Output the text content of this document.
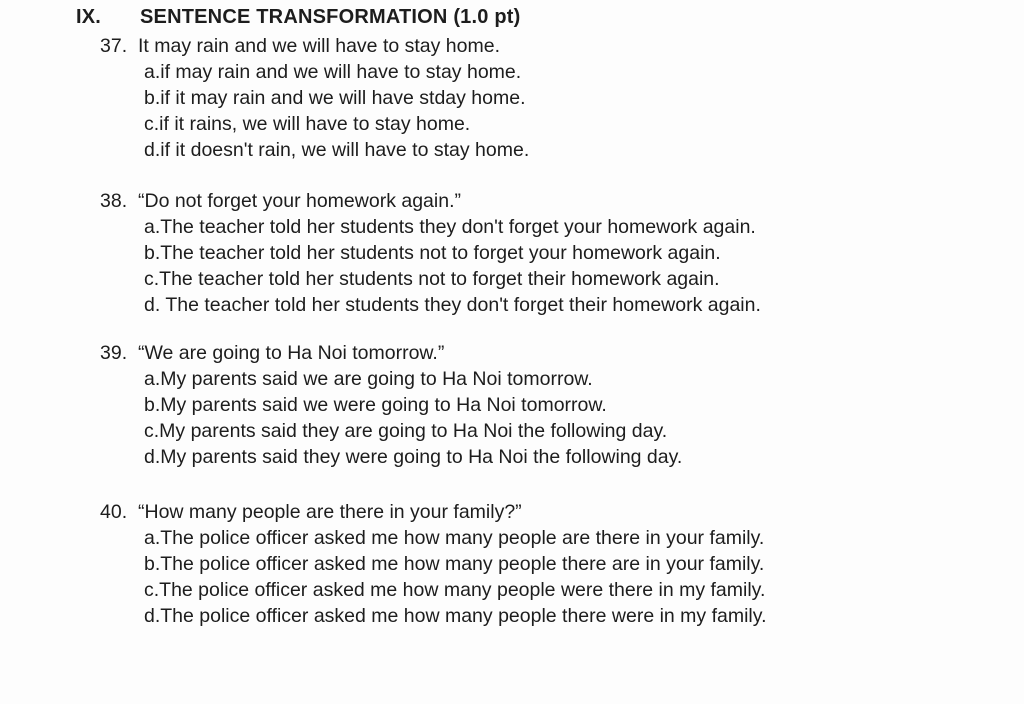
IX. SENTENCE TRANSFORMATION (1.0 pt)
37. It may rain and we will have to stay home.
a.if may rain and we will have to stay home.
b.if it may rain and we will have stday home.
c.if it rains, we will have to stay home.
d.if it doesn't rain, we will have to stay home.
38. “Do not forget your homework again.”
a.The teacher told her students they don't forget your homework again.
b.The teacher told her students not to forget your homework again.
c.The teacher told her students not to forget their homework again.
d. The teacher told her students they don't forget their homework again.
39. “We are going to Ha Noi tomorrow.”
a.My parents said we are going to Ha Noi tomorrow.
b.My parents said we were going to Ha Noi tomorrow.
c.My parents said they are going to Ha Noi the following day.
d.My parents said they were going to Ha Noi the following day.
40. “How many people are there in your family?”
a.The police officer asked me how many people are there in your family.
b.The police officer asked me how many people there are in your family.
c.The police officer asked me how many people were there in my family.
d.The police officer asked me how many people there were in my family.
